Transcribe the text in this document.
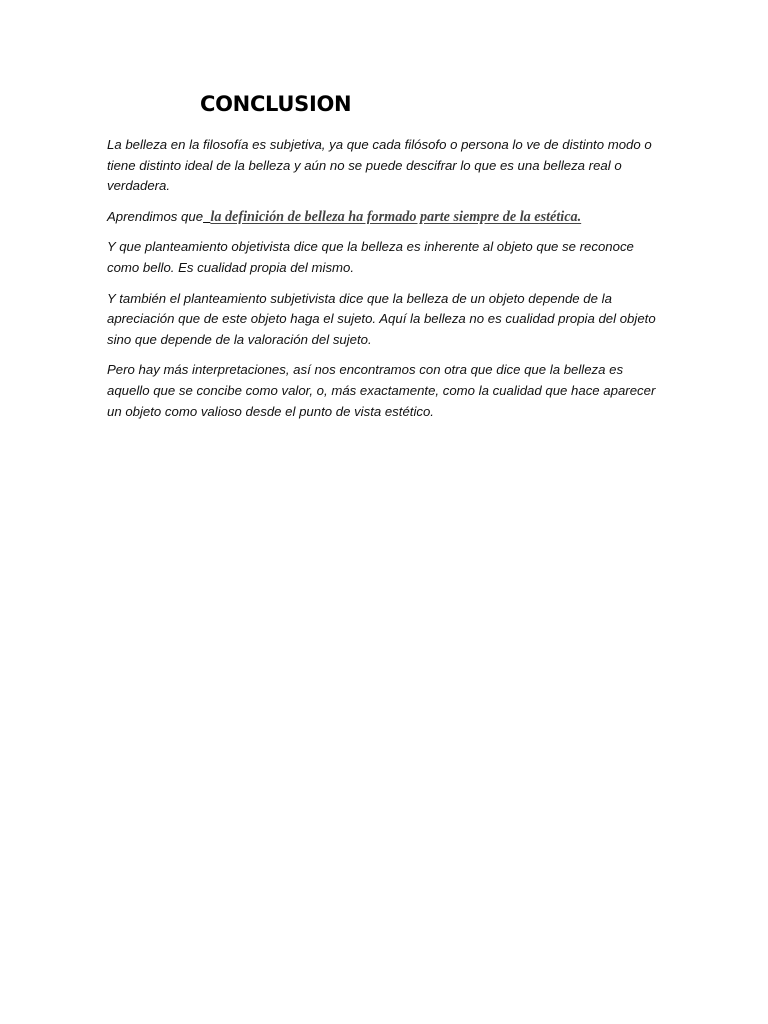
CONCLUSION

La belleza en la filosofía es subjetiva, ya que cada filósofo o persona lo ve de distinto modo o tiene distinto ideal de la belleza y aún no se puede descifrar lo que es una belleza real o verdadera.

Aprendimos que la definición de belleza ha formado parte siempre de la estética.

Y que planteamiento objetivista dice que la belleza es inherente al objeto que se reconoce como bello. Es cualidad propia del mismo.

Y también el planteamiento subjetivista dice que la belleza de un objeto depende de la apreciación que de este objeto haga el sujeto. Aquí la belleza no es cualidad propia del objeto sino que depende de la valoración del sujeto.

Pero hay más interpretaciones, así nos encontramos con otra que dice que la belleza es aquello que se concibe como valor, o, más exactamente, como la cualidad que hace aparecer un objeto como valioso desde el punto de vista estético.
